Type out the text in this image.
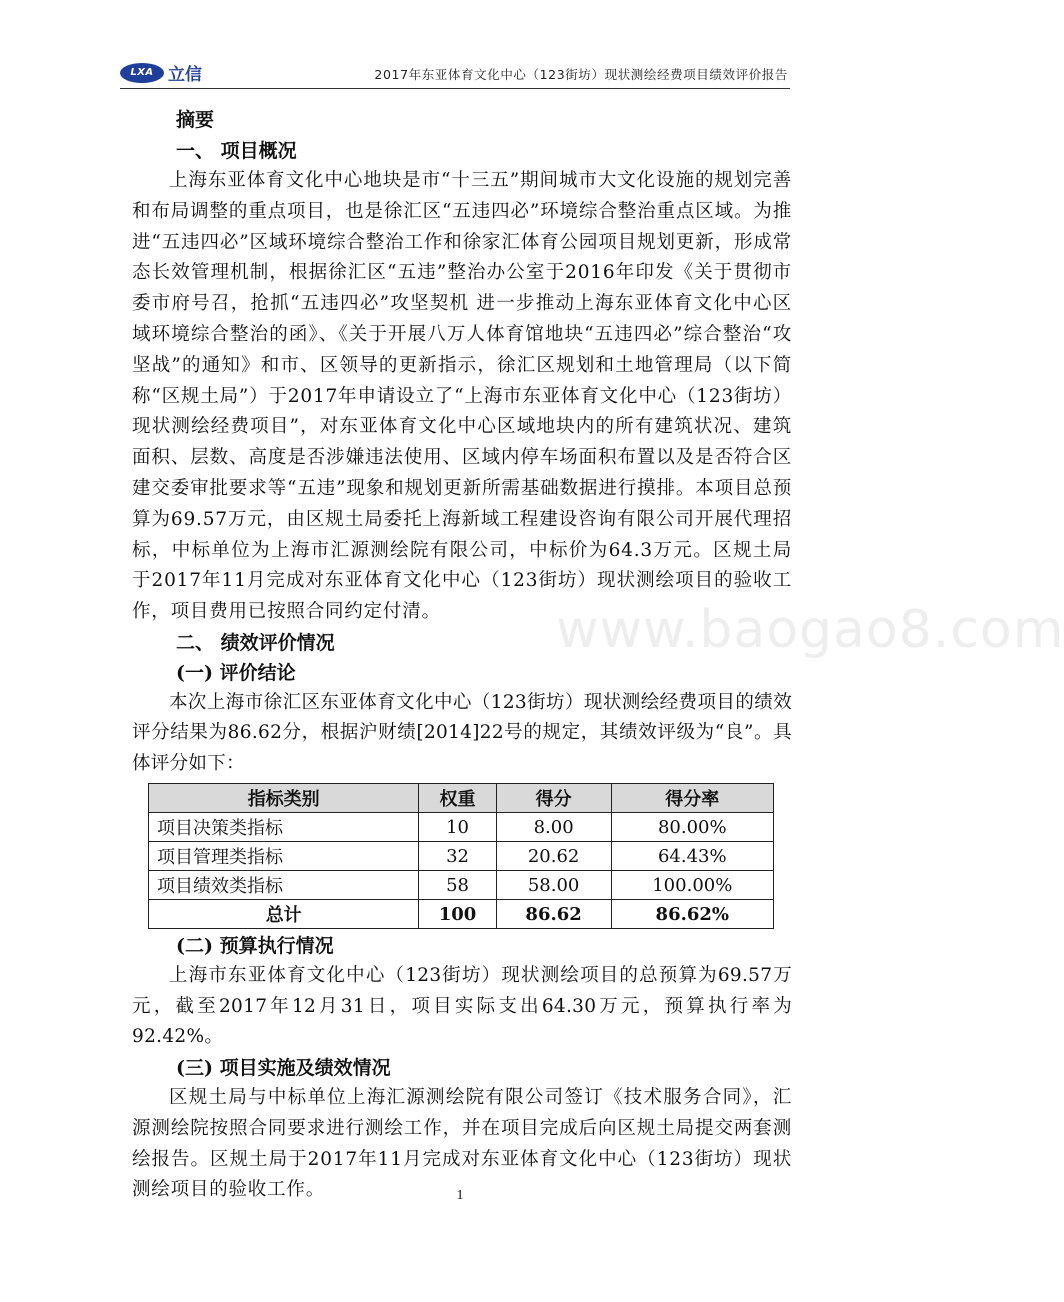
LXA 立信	2017年东亚体育文化中心（123街坊）现状测绘经费项目绩效评价报告
www.baogao8.com
摘要
一、 项目概况

上海东亚体育文化中心地块是市“十三五”期间城市大文化设施的规划完善和布局调整的重点项目，也是徐汇区“五违四必”环境综合整治重点区域。为推进“五违四必”区域环境综合整治工作和徐家汇体育公园项目规划更新，形成常态长效管理机制，根据徐汇区“五违”整治办公室于2016年印发《关于贯彻市委市府号召，抢抓“五违四必”攻坚契机 进一步推动上海东亚体育文化中心区域环境综合整治的函》、《关于开展八万人体育馆地块“五违四必”综合整治“攻坚战”的通知》和市、区领导的更新指示，徐汇区规划和土地管理局（以下简称“区规土局”）于2017年申请设立了“上海市东亚体育文化中心（123街坊）现状测绘经费项目”，对东亚体育文化中心区域地块内的所有建筑状况、建筑面积、层数、高度是否涉嫌违法使用、区域内停车场面积布置以及是否符合区建交委审批要求等“五违”现象和规划更新所需基础数据进行摸排。本项目总预算为69.57万元，由区规土局委托上海新域工程建设咨询有限公司开展代理招标，中标单位为上海市汇源测绘院有限公司，中标价为64.3万元。区规土局于2017年11月完成对东亚体育文化中心（123街坊）现状测绘项目的验收工作，项目费用已按照合同约定付清。

二、 绩效评价情况
(一) 评价结论

本次上海市徐汇区东亚体育文化中心（123街坊）现状测绘经费项目的绩效评分结果为86.62分，根据沪财绩[2014]22号的规定，其绩效评级为“良”。具体评分如下：

指标类别	权重	得分	得分率
项目决策类指标	10	8.00	80.00%
项目管理类指标	32	20.62	64.43%
项目绩效类指标	58	58.00	100.00%
总计	100	86.62	86.62%
(二) 预算执行情况

上海市东亚体育文化中心（123街坊）现状测绘项目的总预算为69.57万元，截至2017年12月31日，项目实际支出64.30万元，预算执行率为92.42%。

(三) 项目实施及绩效情况

区规土局与中标单位上海汇源测绘院有限公司签订《技术服务合同》，汇源测绘院按照合同要求进行测绘工作，并在项目完成后向区规土局提交两套测绘报告。区规土局于2017年11月完成对东亚体育文化中心（123街坊）现状测绘项目的验收工作。	1
